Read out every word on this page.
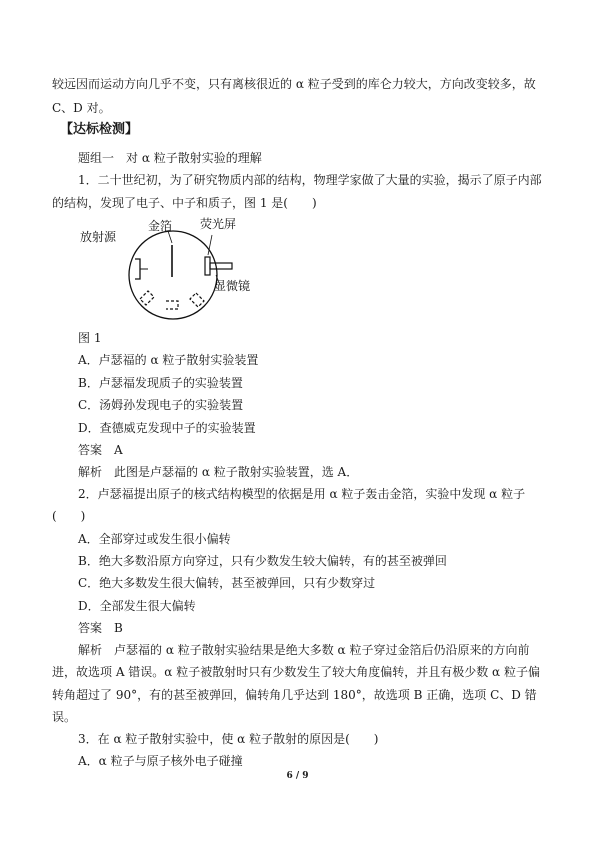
较远因而运动方向几乎不变，只有离核很近的 α 粒子受到的库仑力较大，方向改变较多，故
C、D 对。
【达标检测】
题组一　对 α 粒子散射实验的理解
1．二十世纪初，为了研究物质内部的结构，物理学家做了大量的实验，揭示了原子内部
的结构，发现了电子、中子和质子，图 1 是(　　)
放射源
金箔 荧光屏
显微镜
图 1
A．卢瑟福的 α 粒子散射实验装置
B．卢瑟福发现质子的实验装置
C．汤姆孙发现电子的实验装置
D．查德威克发现中子的实验装置
答案　A
解析　此图是卢瑟福的 α 粒子散射实验装置，选 A．
2．卢瑟福提出原子的核式结构模型的依据是用 α 粒子轰击金箔，实验中发现 α 粒子
(　　)
A．全部穿过或发生很小偏转
B．绝大多数沿原方向穿过，只有少数发生较大偏转，有的甚至被弹回
C．绝大多数发生很大偏转，甚至被弹回，只有少数穿过
D．全部发生很大偏转
答案　B
解析　卢瑟福的 α 粒子散射实验结果是绝大多数 α 粒子穿过金箔后仍沿原来的方向前
进，故选项 A 错误。α 粒子被散射时只有少数发生了较大角度偏转，并且有极少数 α 粒子偏
转角超过了 90°，有的甚至被弹回，偏转角几乎达到 180°，故选项 B 正确，选项 C、D 错
误。
3．在 α 粒子散射实验中，使 α 粒子散射的原因是(　　)
A．α 粒子与原子核外电子碰撞
6 / 9
